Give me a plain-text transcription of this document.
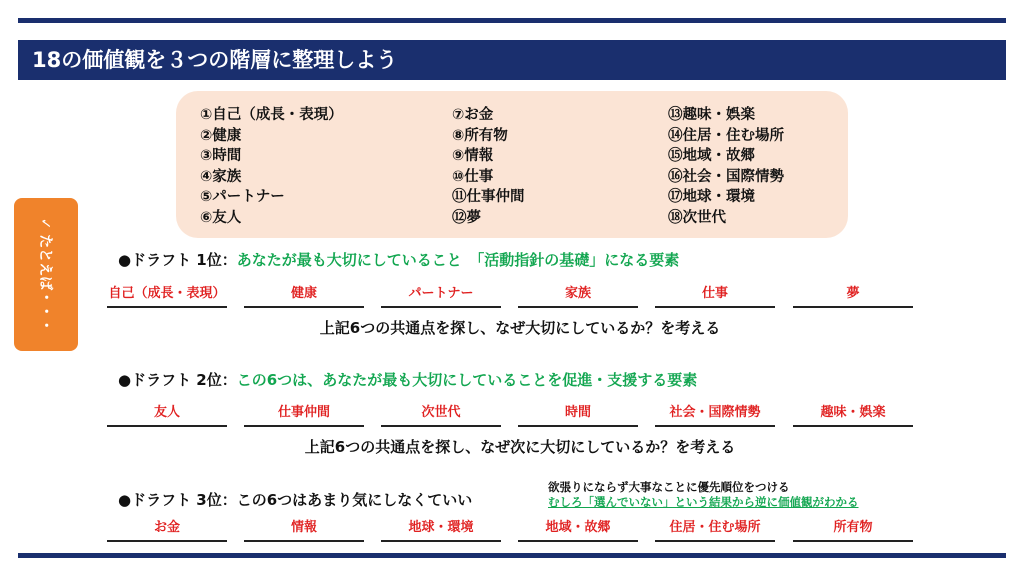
18の価値観を３つの階層に整理しよう
①自己（成長・表現）
②健康
③時間
④家族
⑤パートナー
⑥友人
⑦お金
⑧所有物
⑨情報
⑩仕事
⑪仕事仲間
⑫夢
⑬趣味・娯楽
⑭住居・住む場所
⑮地域・故郷
⑯社会・国際情勢
⑰地球・環境
⑱次世代
✓ たとえば・・・	●ドラフト 1位：あなたが最も大切にしていること　「活動指針の基礎」になる要素
自己（成長・表現）	健康	パートナー	家族	仕事	夢
上記6つの共通点を探し、なぜ大切にしているか？を考える
●ドラフト 2位：この6つは、あなたが最も大切にしていることを促進・支援する要素
友人	仕事仲間	次世代	時間	社会・国際情勢	趣味・娯楽
上記6つの共通点を探し、なぜ次に大切にしているか？を考える
●ドラフト 3位：この6つはあまり気にしなくていい
欲張りにならず大事なことに優先順位をつける
むしろ「選んでいない」という結果から逆に価値観がわかる
お金	情報	地球・環境	地域・故郷	住居・住む場所	所有物
